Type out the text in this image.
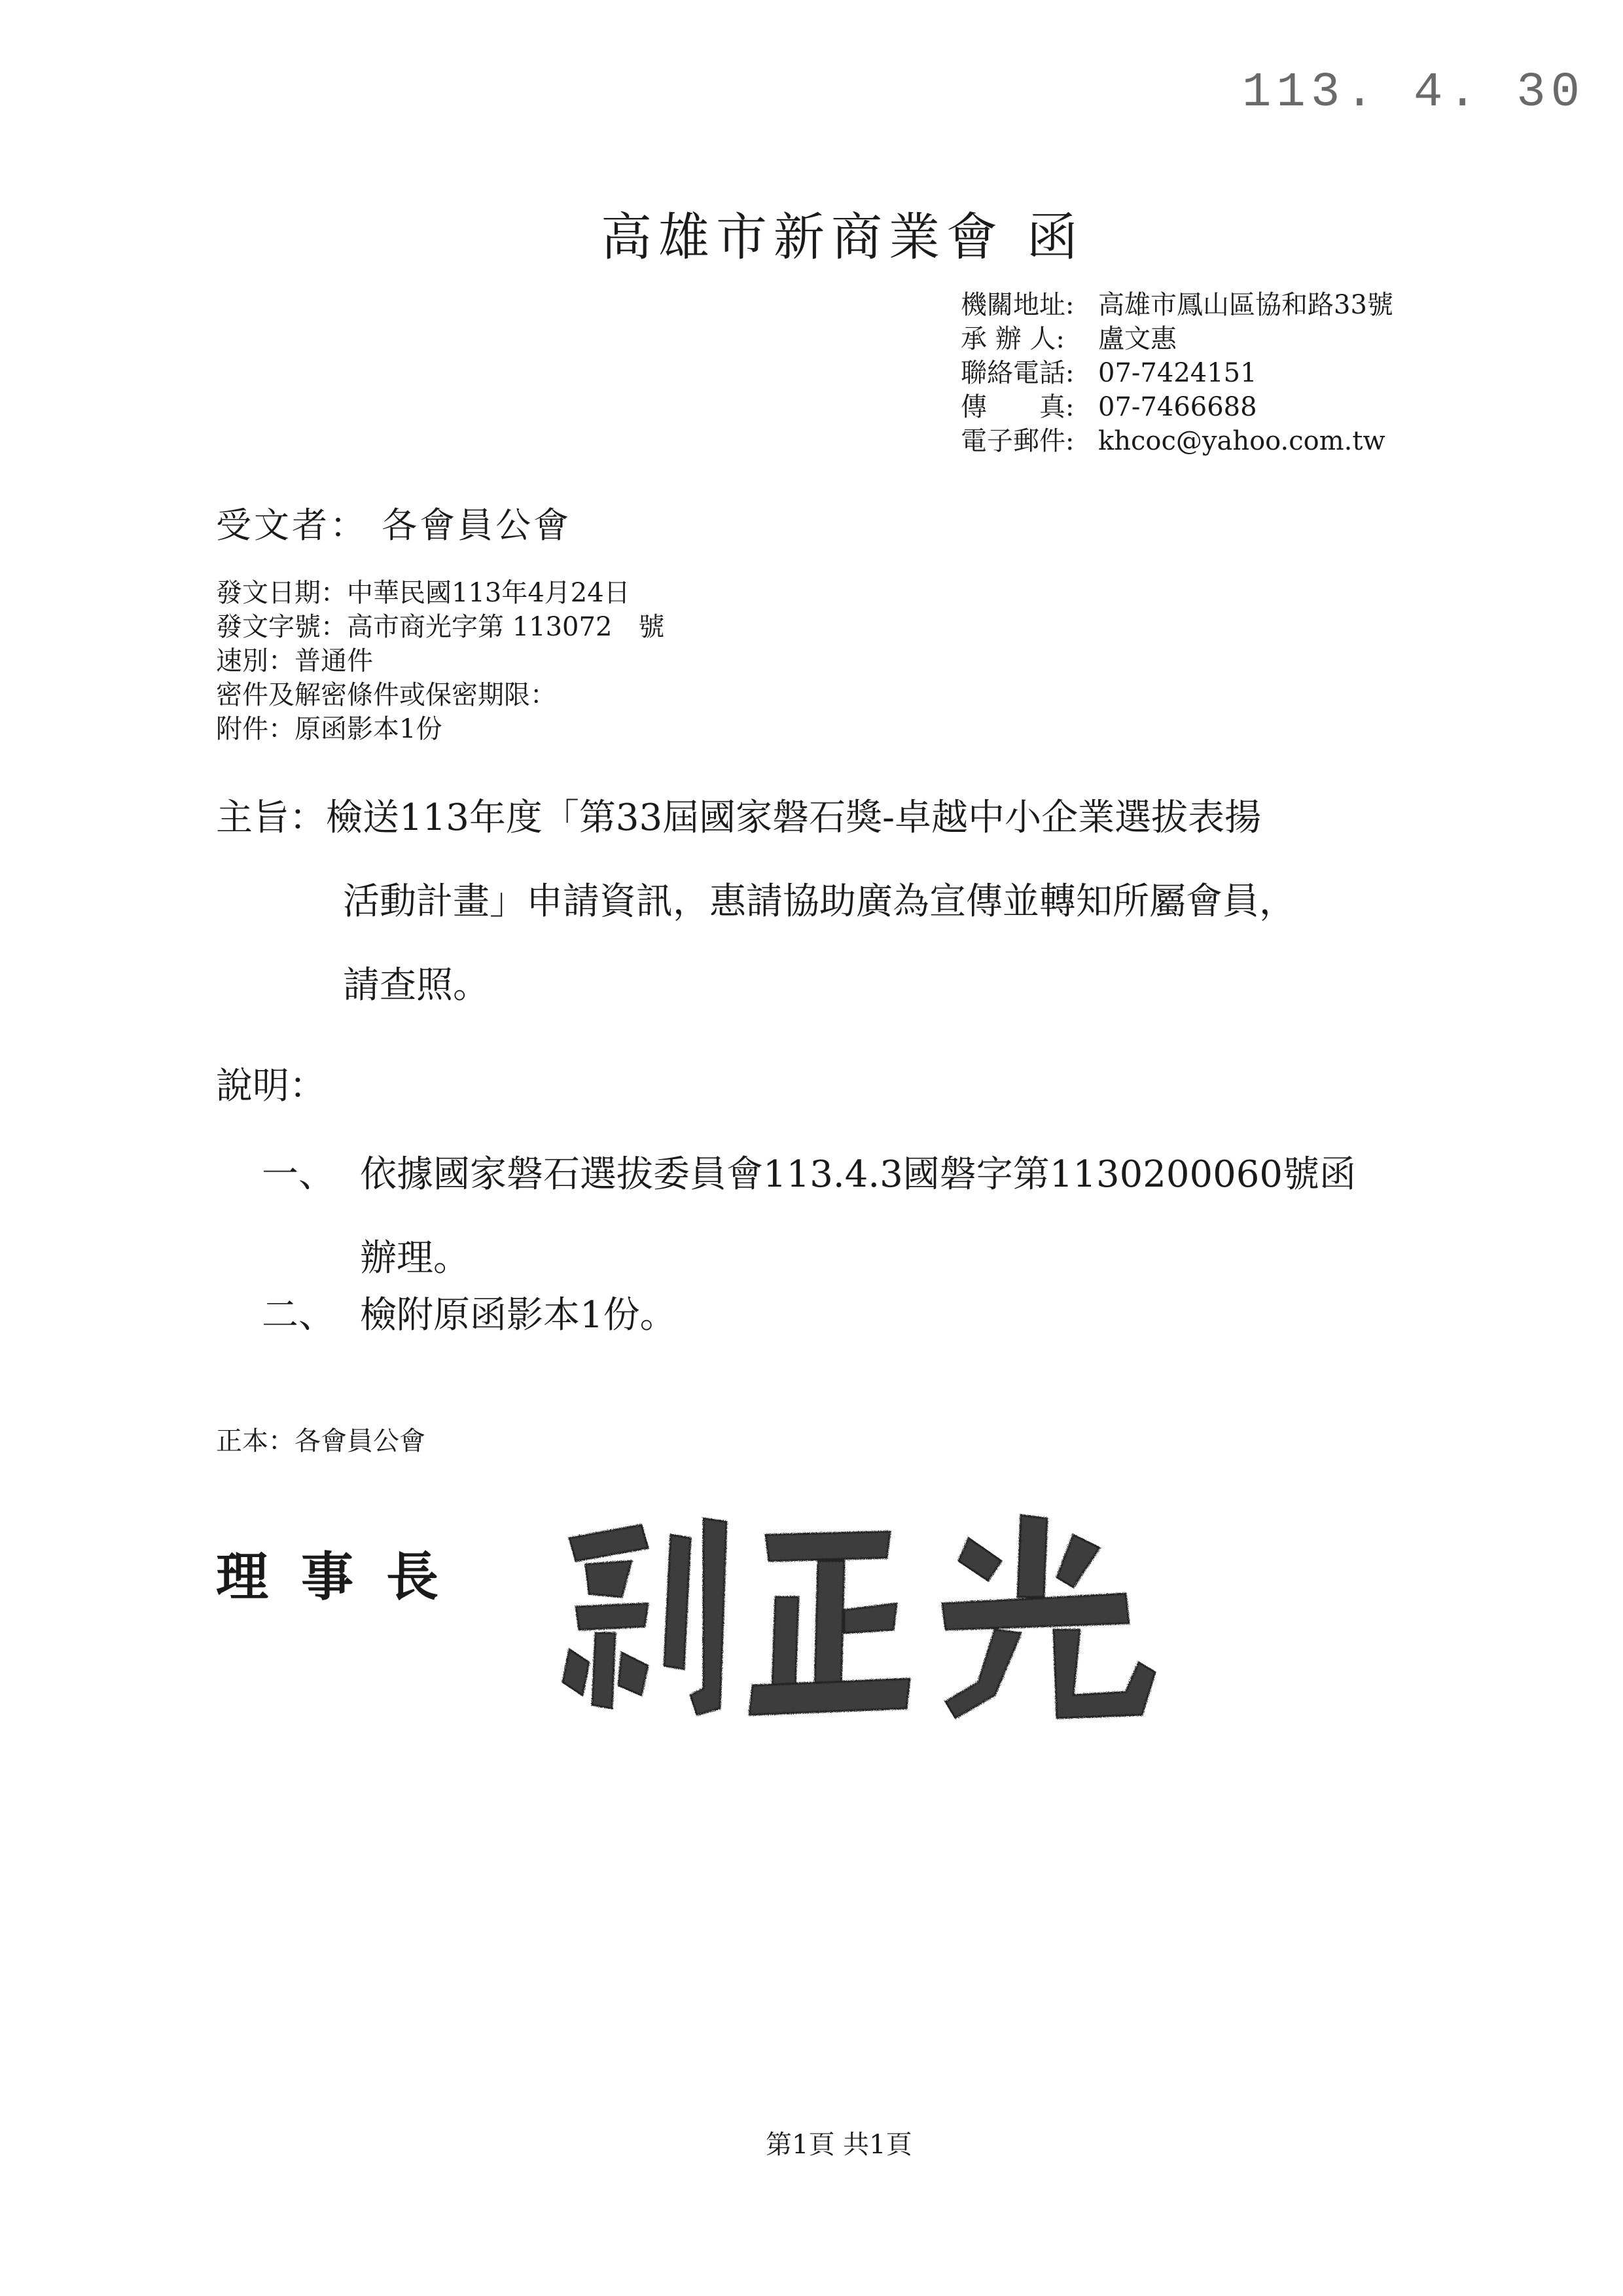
113. 4. 30
高雄市新商業會 函
機關地址: 高雄市鳳山區協和路33號
承 辦 人:	盧文惠
聯絡電話: 07-7424151
傳　　真: 07-7466688
電子郵件: khcoc@yahoo.com.tw
受文者： 各會員公會
發文日期：中華民國113年4月24日
發文字號：高市商光字第 113072　號
速別：普通件
密件及解密條件或保密期限：
附件：原函影本1份
主旨：檢送113年度「第33屆國家磐石獎-卓越中小企業選拔表揚
活動計畫」申請資訊，惠請協助廣為宣傳並轉知所屬會員，
請查照。
說明：
一、 依據國家磐石選拔委員會113.4.3國磐字第1130200060號函
辦理。
二、 檢附原函影本1份。
正本：各會員公會
理事長
第1頁 共1頁
